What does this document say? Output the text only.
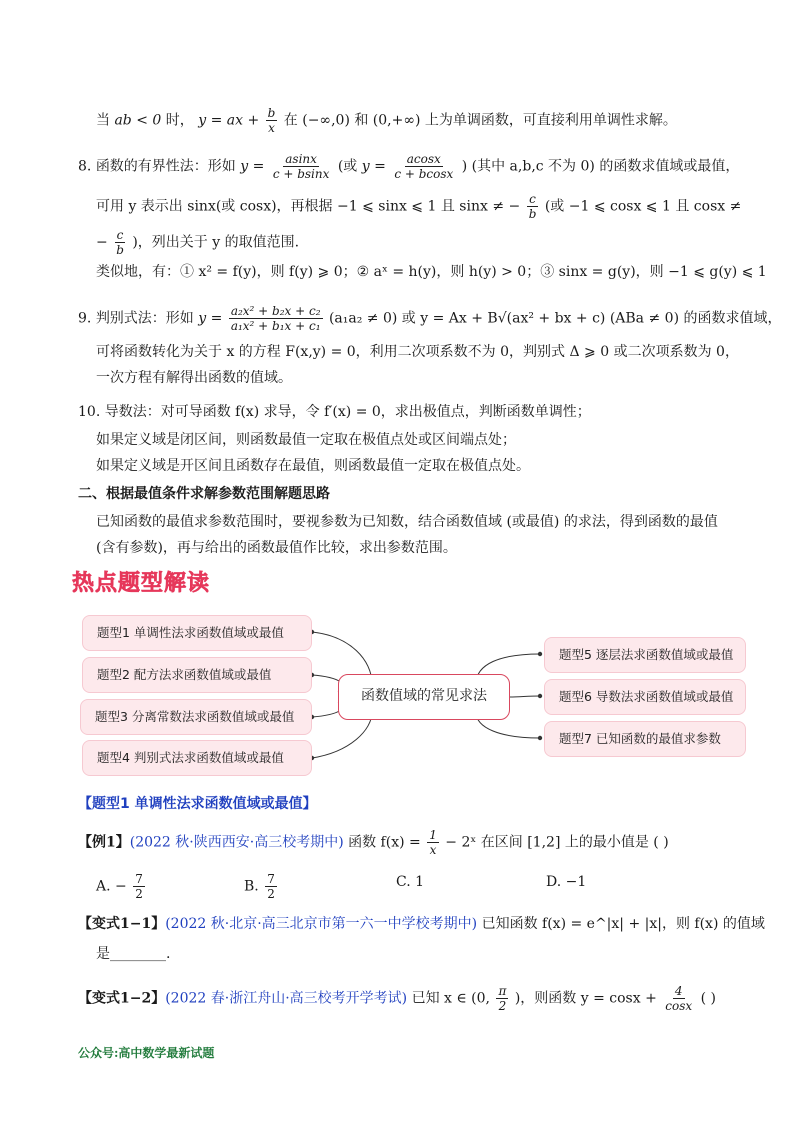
当 ab < 0 时， y = ax + $\frac{b}{x}$ 在 (−∞,0) 和 (0,+∞) 上为单调函数，可直接利用单调性求解。
8. 函数的有界性法：形如 $y = \frac{asinx}{c + bsinx}$ (或 $y = \frac{acosx}{c + bcosx}$ ) (其中 a,b,c 不为 0) 的函数求值域或最值，
可用 y 表示出 sinx(或 cosx)，再根据 −1 ⩽ sinx ⩽ 1 且 sinx ≠ − $\frac{c}{b}$ (或 −1 ⩽ cosx ⩽ 1 且 cosx ≠
− $\frac{c}{b}$ )，列出关于 y 的取值范围.
类似地，有：① x² = f(y)，则 f(y) ⩾ 0；② aˣ = h(y)，则 h(y) > 0；③ sinx = g(y)，则 −1 ⩽ g(y) ⩽ 1
9. 判别式法：形如 $y = \frac{\text{a₂x² + b₂x + c₂}}{\text{a₁x² + b₁x + c₁}} (a_1a_2 \ne 0)$ 或 y = Ax + B√(ax² + bx + c) (ABa ≠ 0) 的函数求值域，
可将函数转化为关于 x 的方程 F(x,y) = 0，利用二次项系数不为 0，判别式 Δ ⩾ 0 或二次项系数为 0，
一次方程有解得出函数的值域。
10. 导数法：对可导函数 f(x) 求导，令 f′(x) = 0，求出极值点，判断函数单调性；
如果定义域是闭区间，则函数最值一定取在极值点处或区间端点处；
如果定义域是开区间且函数存在最值，则函数最值一定取在极值点处。
二、根据最值条件求解参数范围解题思路
已知函数的最值求参数范围时，要视参数为已知数，结合函数值域 (或最值) 的求法，得到函数的最值
(含有参数)，再与给出的函数最值作比较，求出参数范围。
热点题型解读
题型1 单调性法求函数值域或最值
题型2 配方法求函数值域或最值
题型3 分离常数法求函数值域或最值
题型4 判别式法求函数值域或最值
函数值域的常见求法
题型5 逐层法求函数值域或最值
题型6 导数法求函数值域或最值
题型7 已知函数的最值求参数
【题型1 单调性法求函数值域或最值】
【例1】(2022 秋·陕西西安·高三校考期中) 函数 $f(x) = \frac{1}{x}$ − 2ˣ 在区间 [1,2] 上的最小值是 ( )
A. − $\frac{7}{2}$	B. $\frac{7}{2}$	C. 1	D. −1
【变式1−1】(2022 秋·北京·高三北京市第一六一中学校考期中) 已知函数 f(x) = e^|x| + |x|，则 f(x) 的值域
是________.
【变式1−2】(2022 春·浙江舟山·高三校考开学考试) 已知 x ∈ (0, $\frac{\pi}{2}$ )，则函数 $y = \cos x + \frac{4}{\cos x}$ ( )
公众号:高中数学最新试题
